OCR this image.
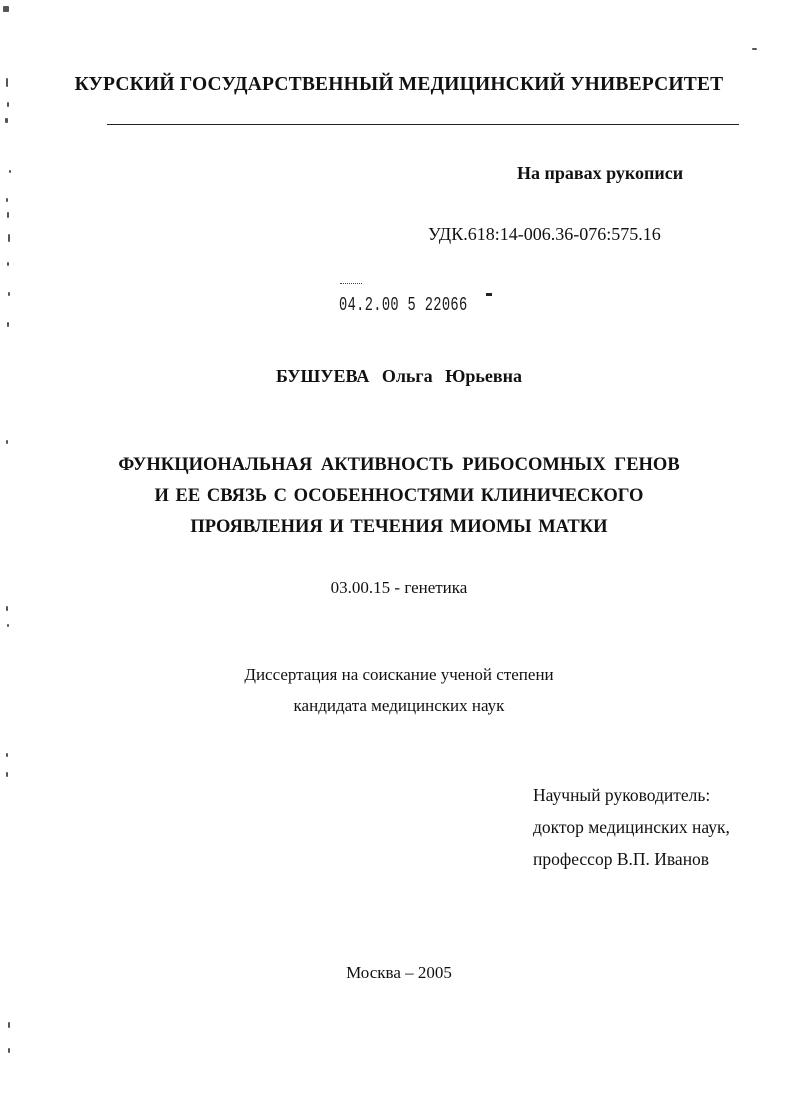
КУРСКИЙ ГОСУДАРСТВЕННЫЙ МЕДИЦИНСКИЙ УНИВЕРСИТЕТ
На правах рукописи
УДК.618:14-006.36-076:575.16
04.2.00 5 22066
БУШУЕВА Ольга Юрьевна
ФУНКЦИОНАЛЬНАЯ АКТИВНОСТЬ РИБОСОМНЫХ ГЕНОВ
И ЕЕ СВЯЗЬ С ОСОБЕННОСТЯМИ КЛИНИЧЕСКОГО
ПРОЯВЛЕНИЯ И ТЕЧЕНИЯ МИОМЫ МАТКИ
03.00.15 - генетика
Диссертация на соискание ученой степени
кандидата медицинских наук
Научный руководитель:
доктор медицинских наук,
профессор В.П. Иванов
Москва – 2005
